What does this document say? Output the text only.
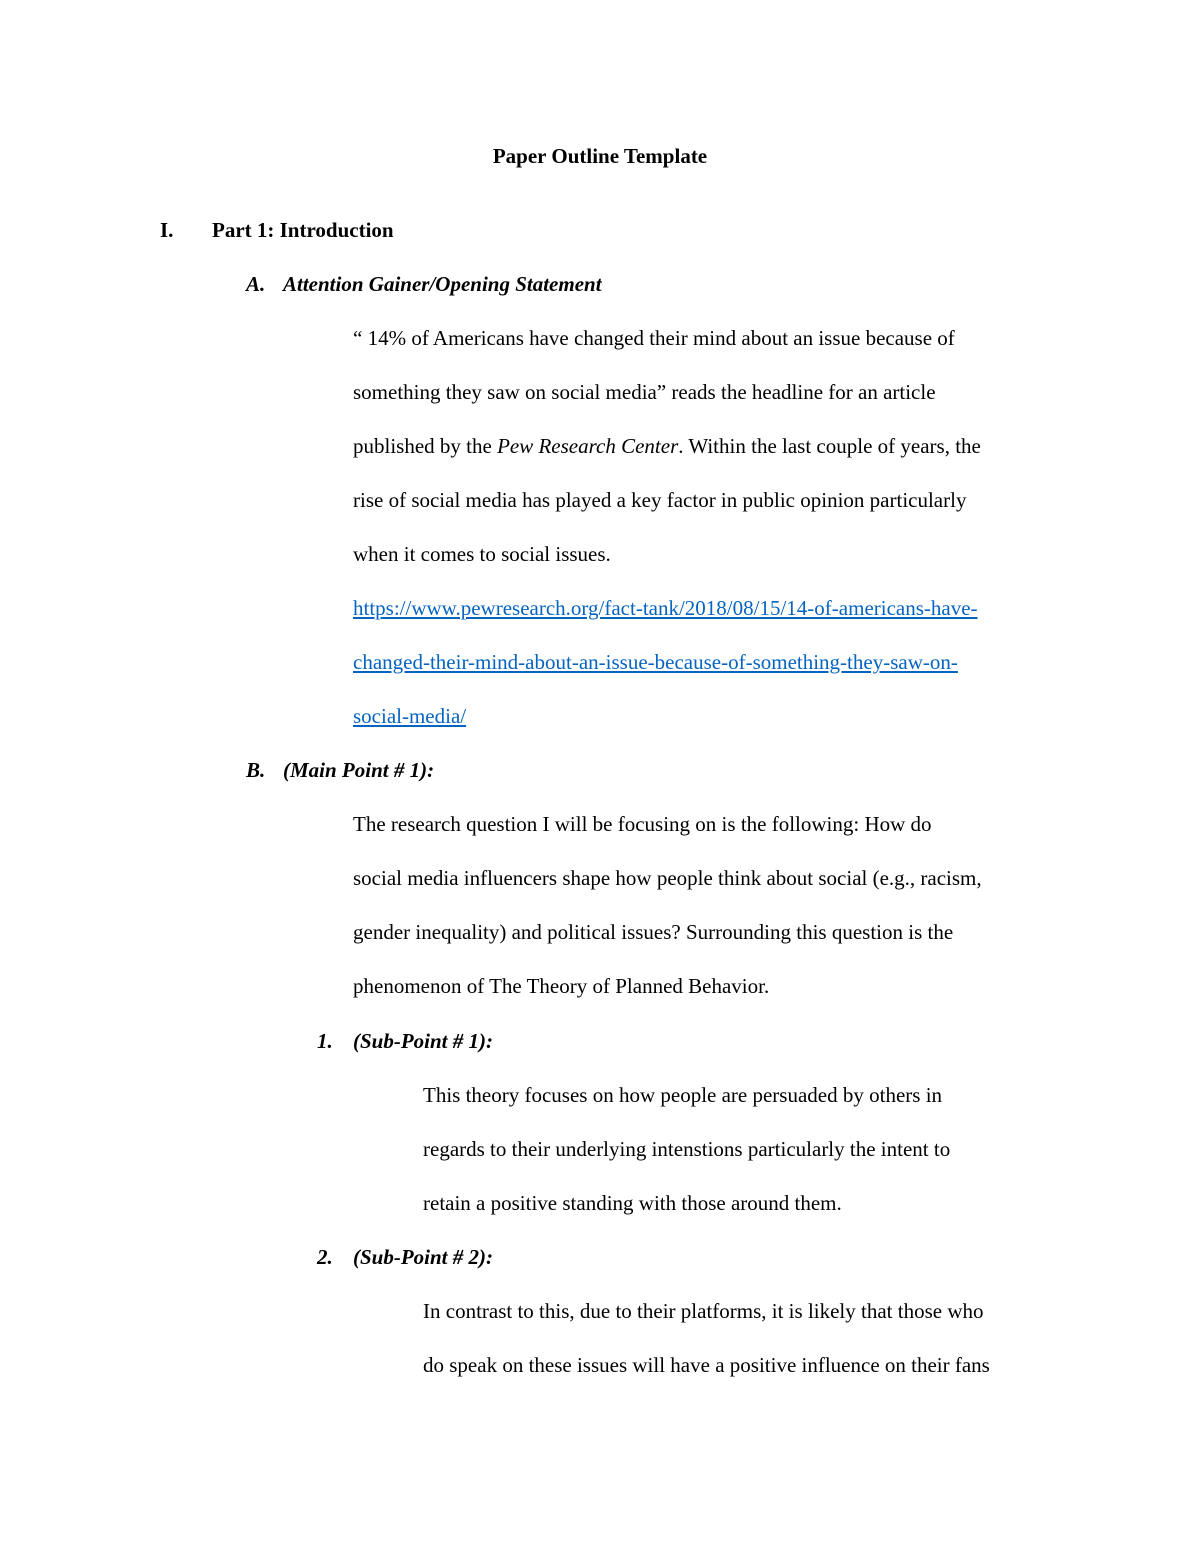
Paper Outline Template
I. Part 1: Introduction
A. Attention Gainer/Opening Statement
“ 14% of Americans have changed their mind about an issue because of
something they saw on social media” reads the headline for an article
published by the Pew Research Center. Within the last couple of years, the
rise of social media has played a key factor in public opinion particularly
when it comes to social issues.
https://www.pewresearch.org/fact-tank/2018/08/15/14-of-americans-have-
changed-their-mind-about-an-issue-because-of-something-they-saw-on-
social-media/
B. (Main Point # 1):
The research question I will be focusing on is the following: How do
social media influencers shape how people think about social (e.g., racism,
gender inequality) and political issues? Surrounding this question is the
phenomenon of The Theory of Planned Behavior.
1. (Sub-Point # 1):
This theory focuses on how people are persuaded by others in
regards to their underlying intenstions particularly the intent to
retain a positive standing with those around them.
2. (Sub-Point # 2):
In contrast to this, due to their platforms, it is likely that those who
do speak on these issues will have a positive influence on their fans
